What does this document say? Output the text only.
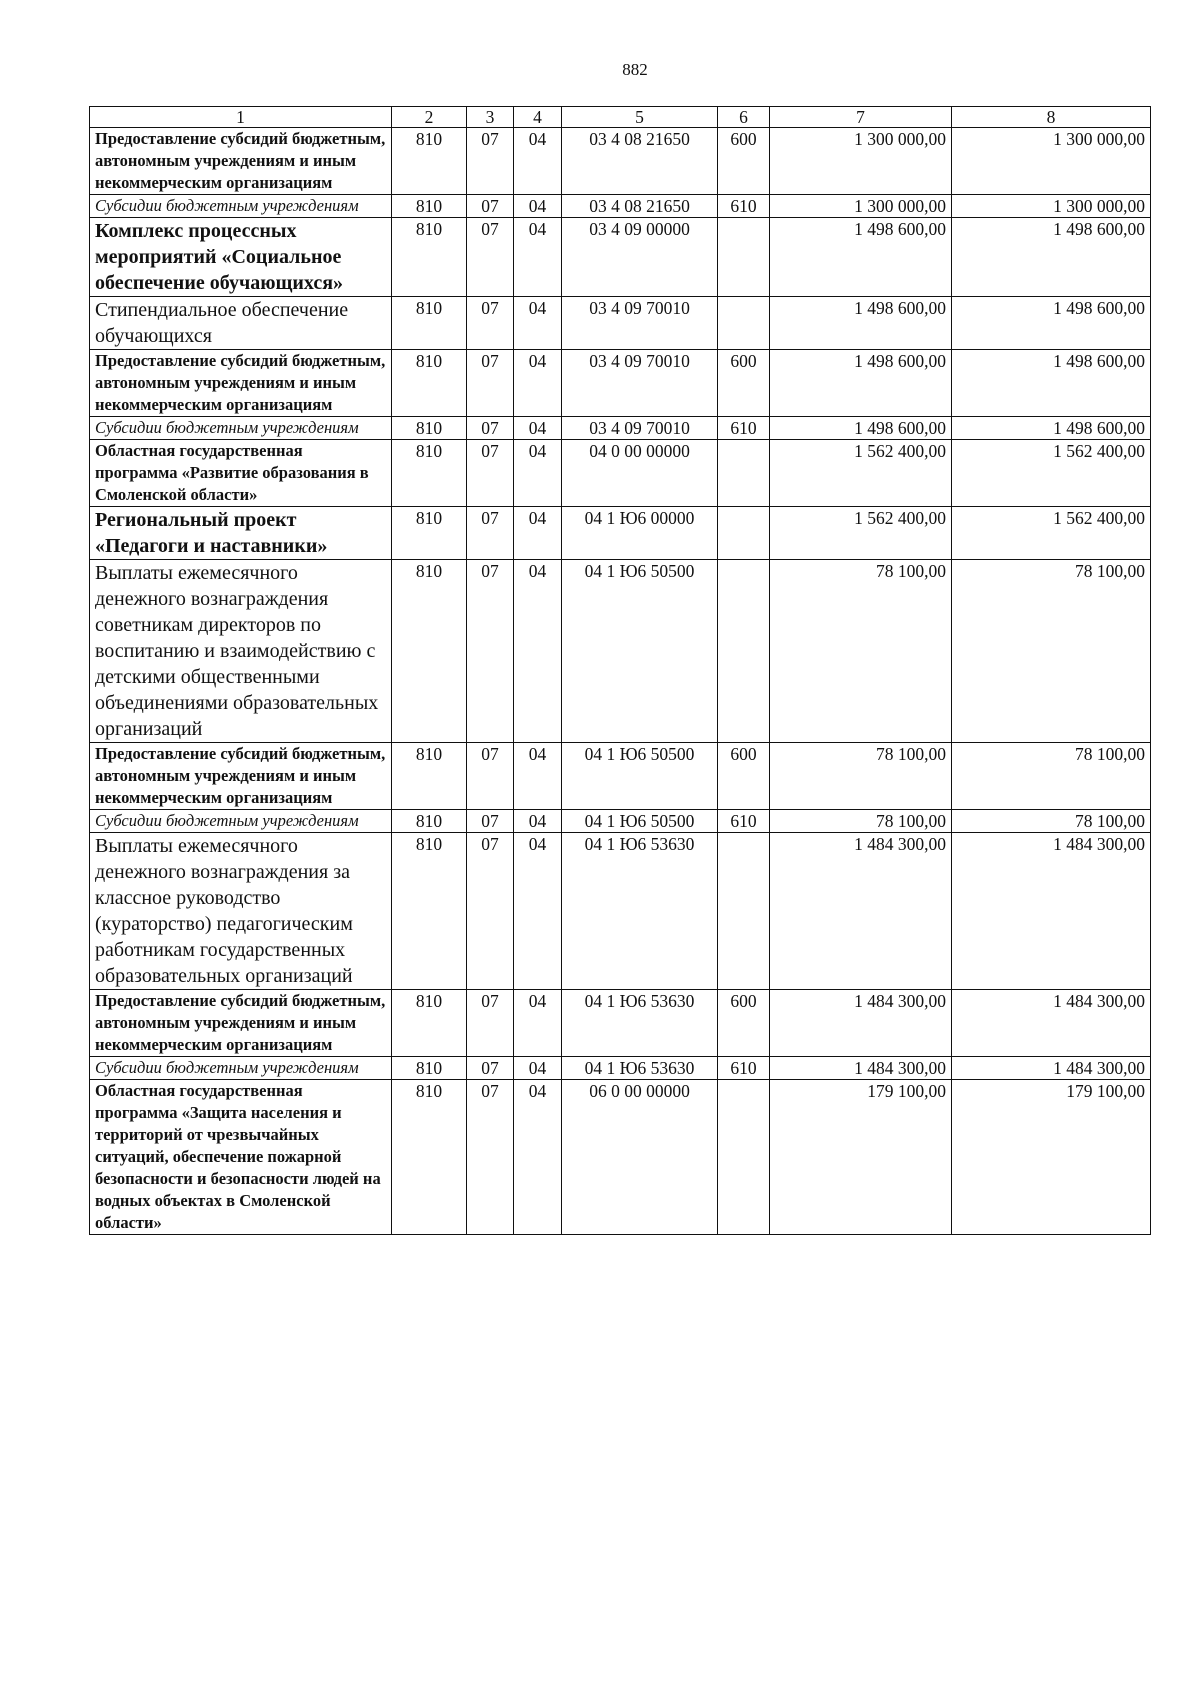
882
1	2	3	4	5	6	7	8
Предоставление субсидий бюджетным, автономным учреждениям и иным некоммерческим организациям	810	07	04	03 4 08 21650	600	1 300 000,00	1 300 000,00
Субсидии бюджетным учреждениям	810	07	04	03 4 08 21650	610	1 300 000,00	1 300 000,00
Комплекс процессных мероприятий «Социальное обеспечение обучающихся»	810	07	04	03 4 09 00000		1 498 600,00	1 498 600,00
Стипендиальное обеспечение обучающихся	810	07	04	03 4 09 70010		1 498 600,00	1 498 600,00
Предоставление субсидий бюджетным, автономным учреждениям и иным некоммерческим организациям	810	07	04	03 4 09 70010	600	1 498 600,00	1 498 600,00
Субсидии бюджетным учреждениям	810	07	04	03 4 09 70010	610	1 498 600,00	1 498 600,00
Областная государственная программа «Развитие образования в Смоленской области»	810	07	04	04 0 00 00000		1 562 400,00	1 562 400,00
Региональный проект «Педагоги и наставники»	810	07	04	04 1 Ю6 00000		1 562 400,00	1 562 400,00
Выплаты ежемесячного денежного вознаграждения советникам директоров по воспитанию и взаимодействию с детскими общественными объединениями образовательных организаций	810	07	04	04 1 Ю6 50500		78 100,00	78 100,00
Предоставление субсидий бюджетным, автономным учреждениям и иным некоммерческим организациям	810	07	04	04 1 Ю6 50500	600	78 100,00	78 100,00
Субсидии бюджетным учреждениям	810	07	04	04 1 Ю6 50500	610	78 100,00	78 100,00
Выплаты ежемесячного денежного вознаграждения за классное руководство (кураторство) педагогическим работникам государственных образовательных организаций	810	07	04	04 1 Ю6 53630		1 484 300,00	1 484 300,00
Предоставление субсидий бюджетным, автономным учреждениям и иным некоммерческим организациям	810	07	04	04 1 Ю6 53630	600	1 484 300,00	1 484 300,00
Субсидии бюджетным учреждениям	810	07	04	04 1 Ю6 53630	610	1 484 300,00	1 484 300,00
Областная государственная программа «Защита населения и территорий от чрезвычайных ситуаций, обеспечение пожарной безопасности и безопасности людей на водных объектах в Смоленской области»	810	07	04	06 0 00 00000		179 100,00	179 100,00
